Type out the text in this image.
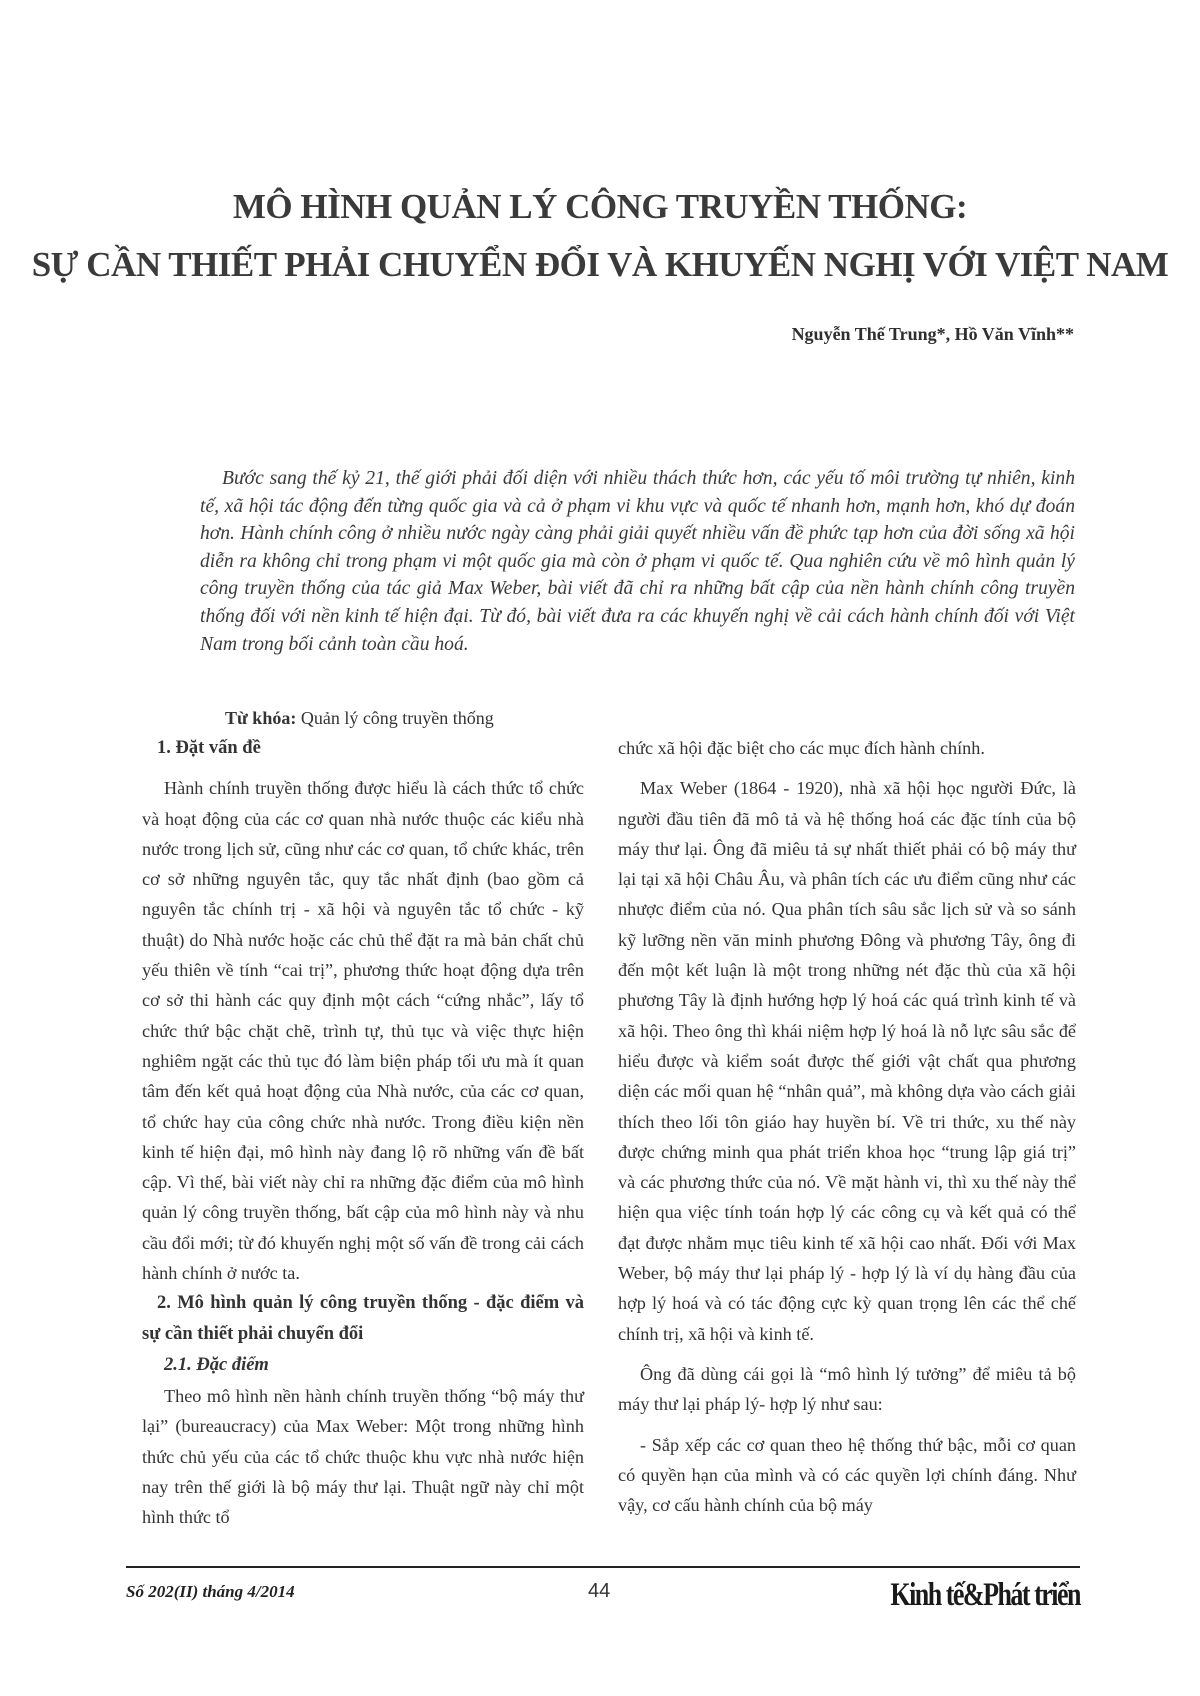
MÔ HÌNH QUẢN LÝ CÔNG TRUYỀN THỐNG:
SỰ CẦN THIẾT PHẢI CHUYỂN ĐỔI VÀ KHUYẾN NGHỊ VỚI VIỆT NAM
Nguyễn Thế Trung*, Hồ Văn Vĩnh**
Bước sang thế kỷ 21, thế giới phải đối diện với nhiều thách thức hơn, các yếu tố môi trường tự nhiên, kinh tế, xã hội tác động đến từng quốc gia và cả ở phạm vi khu vực và quốc tế nhanh hơn, mạnh hơn, khó dự đoán hơn. Hành chính công ở nhiều nước ngày càng phải giải quyết nhiều vấn đề phức tạp hơn của đời sống xã hội diễn ra không chỉ trong phạm vi một quốc gia mà còn ở phạm vi quốc tế. Qua nghiên cứu về mô hình quản lý công truyền thống của tác giả Max Weber, bài viết đã chỉ ra những bất cập của nền hành chính công truyền thống đối với nền kinh tế hiện đại. Từ đó, bài viết đưa ra các khuyến nghị về cải cách hành chính đối với Việt Nam trong bối cảnh toàn cầu hoá.
Từ khóa: Quản lý công truyền thống
1. Đặt vấn đề

Hành chính truyền thống được hiểu là cách thức tổ chức và hoạt động của các cơ quan nhà nước thuộc các kiểu nhà nước trong lịch sử, cũng như các cơ quan, tổ chức khác, trên cơ sở những nguyên tắc, quy tắc nhất định (bao gồm cả nguyên tắc chính trị - xã hội và nguyên tắc tổ chức - kỹ thuật) do Nhà nước hoặc các chủ thể đặt ra mà bản chất chủ yếu thiên về tính “cai trị”, phương thức hoạt động dựa trên cơ sở thi hành các quy định một cách “cứng nhắc”, lấy tổ chức thứ bậc chặt chẽ, trình tự, thủ tục và việc thực hiện nghiêm ngặt các thủ tục đó làm biện pháp tối ưu mà ít quan tâm đến kết quả hoạt động của Nhà nước, của các cơ quan, tổ chức hay của công chức nhà nước. Trong điều kiện nền kinh tế hiện đại, mô hình này đang lộ rõ những vấn đề bất cập. Vì thế, bài viết này chỉ ra những đặc điểm của mô hình quản lý công truyền thống, bất cập của mô hình này và nhu cầu đổi mới; từ đó khuyến nghị một số vấn đề trong cải cách hành chính ở nước ta.

2. Mô hình quản lý công truyền thống - đặc điểm và sự cần thiết phải chuyển đổi
2.1. Đặc điểm

Theo mô hình nền hành chính truyền thống “bộ máy thư lại” (bureaucracy) của Max Weber: Một trong những hình thức chủ yếu của các tổ chức thuộc khu vực nhà nước hiện nay trên thế giới là bộ máy thư lại. Thuật ngữ này chỉ một hình thức tổ

chức xã hội đặc biệt cho các mục đích hành chính.

Max Weber (1864 - 1920), nhà xã hội học người Đức, là người đầu tiên đã mô tả và hệ thống hoá các đặc tính của bộ máy thư lại. Ông đã miêu tả sự nhất thiết phải có bộ máy thư lại tại xã hội Châu Âu, và phân tích các ưu điểm cũng như các nhược điểm của nó. Qua phân tích sâu sắc lịch sử và so sánh kỹ lưỡng nền văn minh phương Đông và phương Tây, ông đi đến một kết luận là một trong những nét đặc thù của xã hội phương Tây là định hướng hợp lý hoá các quá trình kinh tế và xã hội. Theo ông thì khái niệm hợp lý hoá là nỗ lực sâu sắc để hiểu được và kiểm soát được thế giới vật chất qua phương diện các mối quan hệ “nhân quả”, mà không dựa vào cách giải thích theo lối tôn giáo hay huyền bí. Về tri thức, xu thế này được chứng minh qua phát triển khoa học “trung lập giá trị” và các phương thức của nó. Về mặt hành vi, thì xu thế này thể hiện qua việc tính toán hợp lý các công cụ và kết quả có thể đạt được nhằm mục tiêu kinh tế xã hội cao nhất. Đối với Max Weber, bộ máy thư lại pháp lý - hợp lý là ví dụ hàng đầu của hợp lý hoá và có tác động cực kỳ quan trọng lên các thể chế chính trị, xã hội và kinh tế.

Ông đã dùng cái gọi là “mô hình lý tưởng” để miêu tả bộ máy thư lại pháp lý- hợp lý như sau:

- Sắp xếp các cơ quan theo hệ thống thứ bậc, mỗi cơ quan có quyền hạn của mình và có các quyền lợi chính đáng. Như vậy, cơ cấu hành chính của bộ máy

Số 202(II) tháng 4/2014	44	Kinh tế&Phát triển
